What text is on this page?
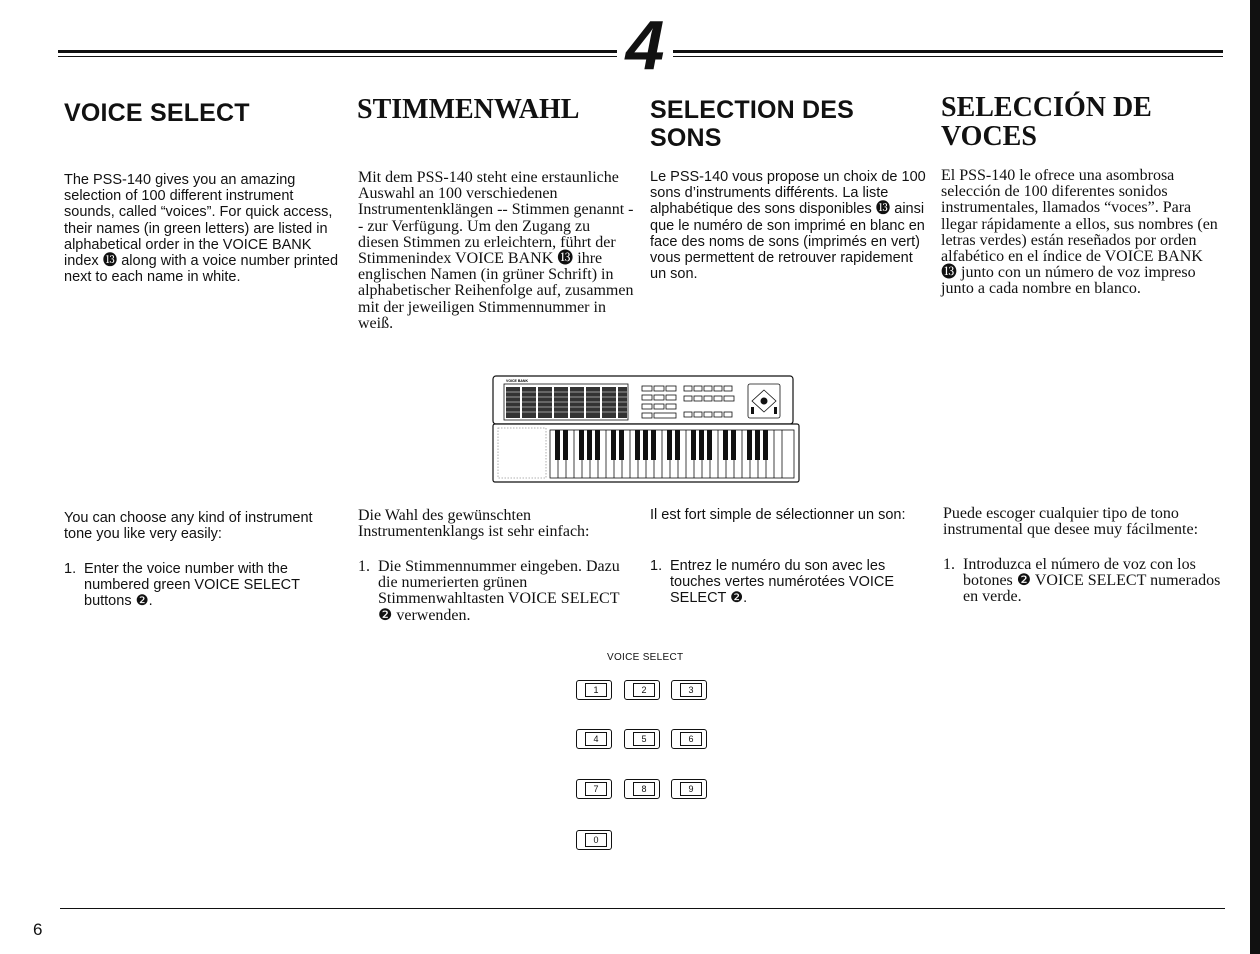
4
VOICE SELECT	STIMMENWAHL	SELECTION DES SONS
SELECCIÓN DE VOCES

The PSS-140 gives you an amazing selection of 100 different instrument sounds, called “voices”. For quick access, their names (in green letters) are listed in alphabetical order in the VOICE BANK index ⓭ along with a voice number printed next to each name in white.

Mit dem PSS-140 steht eine erstaunliche Auswahl an 100 verschiedenen Instrumentenklängen -- Stimmen genannt -- zur Verfügung. Um den Zugang zu diesen Stimmen zu erleichtern, führt der Stimmenindex VOICE BANK ⓭ ihre englischen Namen (in grüner Schrift) in alphabetischer Reihenfolge auf, zusammen mit der jeweiligen Stimmennummer in weiß.

Le PSS-140 vous propose un choix de 100 sons d’instruments différents. La liste alphabétique des sons disponibles ⓭ ainsi que le numéro de son imprimé en blanc en face des noms de sons (imprimés en vert) vous permettent de retrouver rapidement un son.

El PSS-140 le ofrece una asombrosa selección de 100 diferentes sonidos instrumentales, llamados “voces”. Para llegar rápidamente a ellos, sus nombres (en letras verdes) están reseñados por orden alfabético en el índice de VOICE BANK ⓭ junto con un número de voz impreso junto a cada nombre en blanco.

VOICE BANK

You can choose any kind of instrument tone you like very easily:

Die Wahl des gewünschten Instrumentenklangs ist sehr einfach:

Il est fort simple de sélectionner un son:	Puede escoger cualquier tipo de tono instrumental que desee muy fácilmente:

1. Enter the voice number with the numbered green VOICE SELECT buttons ❷.
1. Die Stimmennummer eingeben. Dazu die numerierten grünen Stimmenwahltasten VOICE SELECT ❷ verwenden.
1. Entrez le numéro du son avec les touches vertes numérotées VOICE SELECT ❷.
1. Introduzca el número de voz con los botones ❷ VOICE SELECT numerados en verde.
VOICE SELECT
1	2	3
4	5	6
7	8	9
0
6
